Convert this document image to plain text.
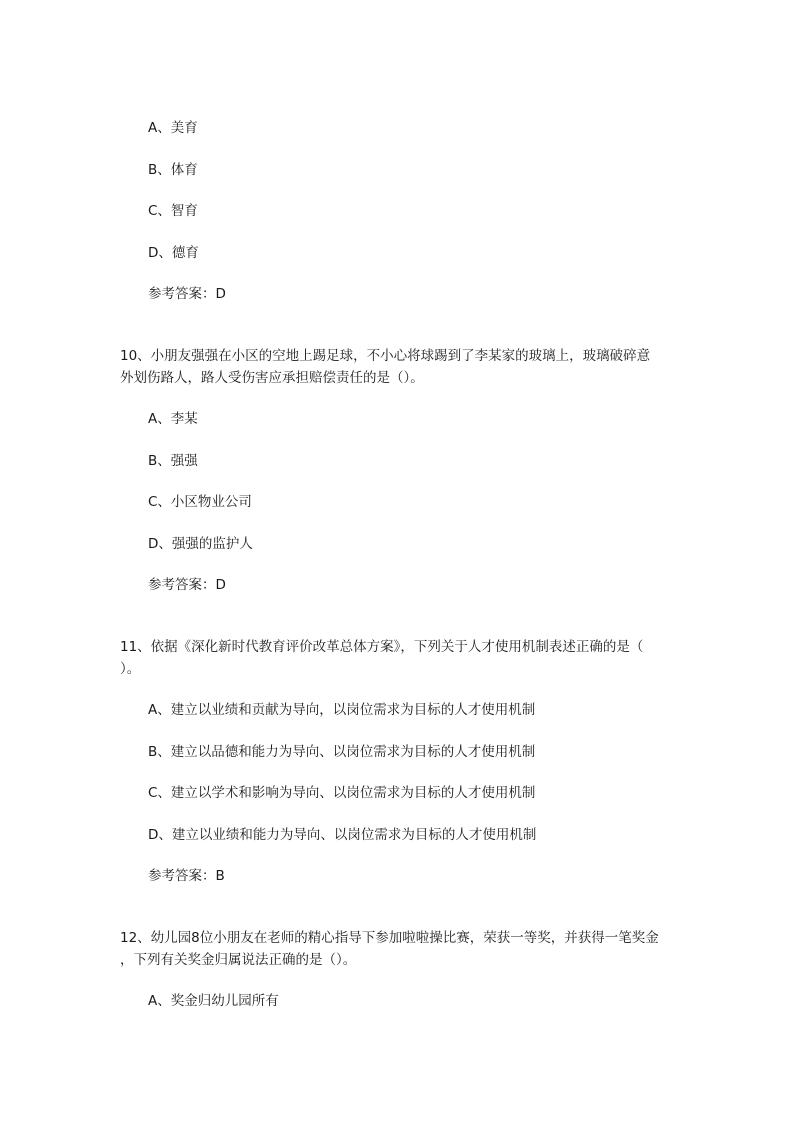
A、美育

B、体育

C、智育

D、德育

参考答案：D

10、小朋友强强在小区的空地上踢足球，不小心将球踢到了李某家的玻璃上，玻璃破碎意

外划伤路人，路人受伤害应承担赔偿责任的是（）。

A、李某

B、强强

C、小区物业公司

D、强强的监护人

参考答案：D

11、依据《深化新时代教育评价改革总体方案》，下列关于人才使用机制表述正确的是（

）。

A、建立以业绩和贡献为导向，以岗位需求为目标的人才使用机制

B、建立以品德和能力为导向、以岗位需求为目标的人才使用机制

C、建立以学术和影响为导向、以岗位需求为目标的人才使用机制

D、建立以业绩和能力为导向、以岗位需求为目标的人才使用机制

参考答案：B

12、幼儿园8位小朋友在老师的精心指导下参加啦啦操比赛，荣获一等奖，并获得一笔奖金

，下列有关奖金归属说法正确的是（）。

A、奖金归幼儿园所有
